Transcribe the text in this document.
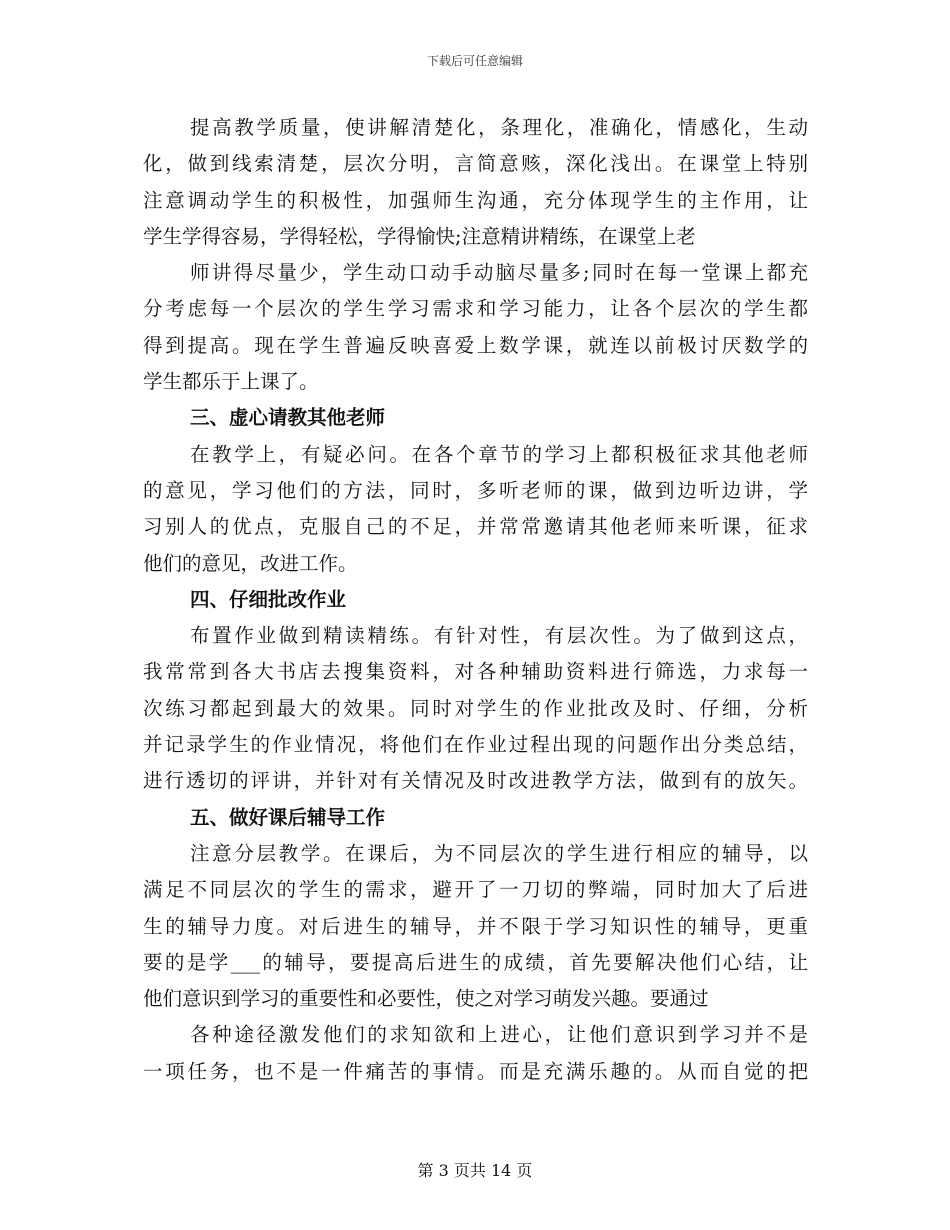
下载后可任意编辑
提高教学质量，使讲解清楚化，条理化，准确化，情感化，生动
化，做到线索清楚，层次分明，言简意赅，深化浅出。在课堂上特别
注意调动学生的积极性，加强师生沟通，充分体现学生的主作用，让
学生学得容易，学得轻松，学得愉快;注意精讲精练，在课堂上老
师讲得尽量少，学生动口动手动脑尽量多;同时在每一堂课上都充
分考虑每一个层次的学生学习需求和学习能力，让各个层次的学生都
得到提高。现在学生普遍反映喜爱上数学课，就连以前极讨厌数学的
学生都乐于上课了。
三、虚心请教其他老师
在教学上，有疑必问。在各个章节的学习上都积极征求其他老师
的意见，学习他们的方法，同时，多听老师的课，做到边听边讲，学
习别人的优点，克服自己的不足，并常常邀请其他老师来听课，征求
他们的意见，改进工作。
四、仔细批改作业
布置作业做到精读精练。有针对性，有层次性。为了做到这点，
我常常到各大书店去搜集资料，对各种辅助资料进行筛选，力求每一
次练习都起到最大的效果。同时对学生的作业批改及时、仔细，分析
并记录学生的作业情况，将他们在作业过程出现的问题作出分类总结，
进行透切的评讲，并针对有关情况及时改进教学方法，做到有的放矢。
五、做好课后辅导工作
注意分层教学。在课后，为不同层次的学生进行相应的辅导，以
满足不同层次的学生的需求，避开了一刀切的弊端，同时加大了后进
生的辅导力度。对后进生的辅导，并不限于学习知识性的辅导，更重
要的是学___的辅导，要提高后进生的成绩，首先要解决他们心结，让
他们意识到学习的重要性和必要性，使之对学习萌发兴趣。要通过
各种途径激发他们的求知欲和上进心，让他们意识到学习并不是
一项任务，也不是一件痛苦的事情。而是充满乐趣的。从而自觉的把
第 3 页共 14 页
